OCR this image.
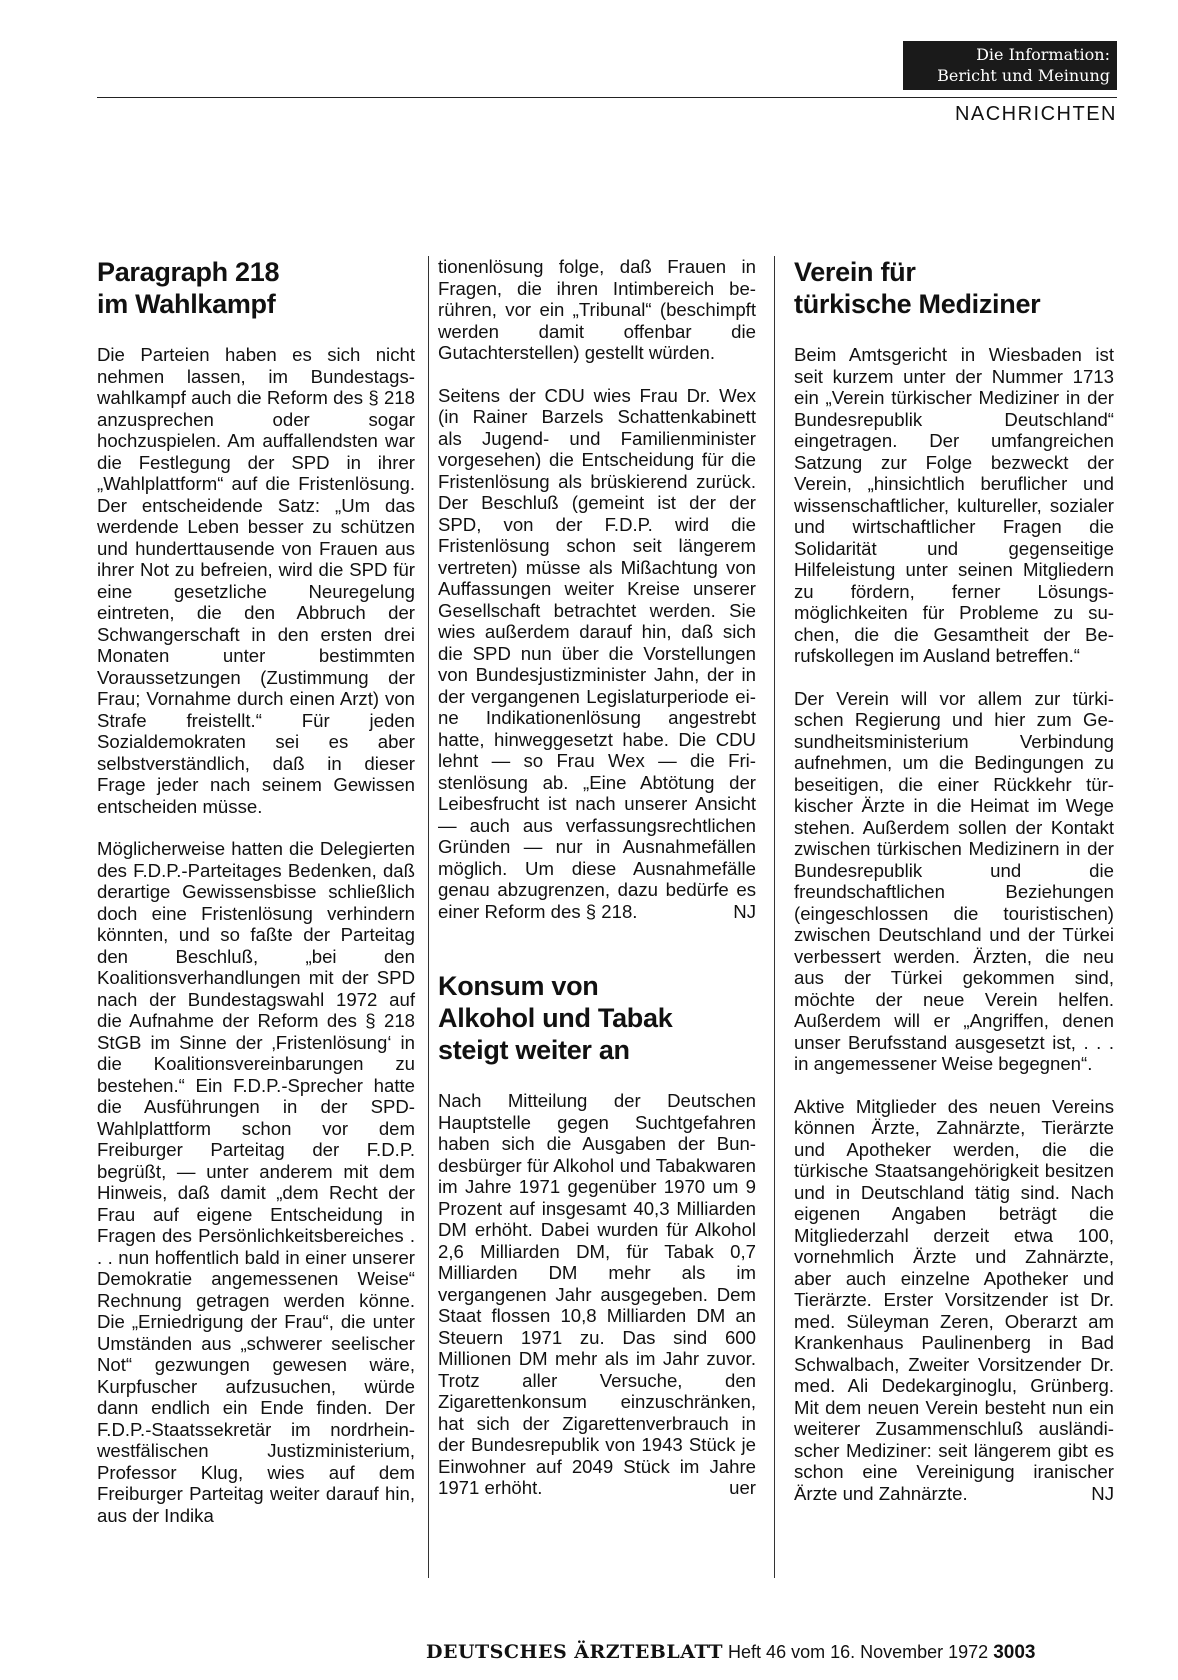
Die Information:
Bericht und Meinung
NACHRICHTEN
Paragraph 218
im Wahlkampf

Die Parteien haben es sich nicht nehmen lassen, im Bundestagswahlkampf auch die Reform des § 218 anzusprechen oder sogar hochzuspielen. Am auffallendsten war die Festlegung der SPD in ihrer „Wahlplattform“ auf die Fristenlösung. Der entscheidende Satz: „Um das werdende Leben besser zu schützen und hunderttausende von Frauen aus ihrer Not zu befreien, wird die SPD für eine gesetzliche Neuregelung eintreten, die den Abbruch der Schwangerschaft in den ersten drei Monaten unter bestimmten Voraussetzungen (Zustimmung der Frau; Vornahme durch einen Arzt) von Strafe freistellt.“ Für jeden Sozialdemokraten sei es aber selbstverständlich, daß in dieser Frage jeder nach seinem Gewissen entscheiden müsse.

Möglicherweise hatten die Delegierten des F.D.P.-Parteitages Bedenken, daß derartige Gewissensbisse schließlich doch eine Fristenlösung verhindern könnten, und so faßte der Parteitag den Beschluß, „bei den Koalitionsverhandlungen mit der SPD nach der Bundestagswahl 1972 auf die Aufnahme der Reform des § 218 StGB im Sinne der ‚Fristenlösung‘ in die Koalitionsvereinbarungen zu bestehen.“ Ein F.D.P.-Sprecher hatte die Ausführungen in der SPD-Wahlplattform schon vor dem Freiburger Parteitag der F.D.P. begrüßt, — unter anderem mit dem Hinweis, daß damit „dem Recht der Frau auf eigene Entscheidung in Fragen des Persönlichkeitsbereiches . . . nun hoffentlich bald in einer unserer Demokratie angemessenen Weise“ Rechnung getragen werden könne. Die „Erniedrigung der Frau“, die unter Umständen aus „schwerer seelischer Not“ gezwungen gewesen wäre, Kurpfuscher aufzusuchen, würde dann endlich ein Ende finden. Der F.D.P.-Staatssekretär im nordrhein-westfälischen Justizministerium, Professor Klug, wies auf dem Freiburger Parteitag weiter darauf hin, aus der Indika

tionenlösung folge, daß Frauen in Fragen, die ihren Intimbereich berühren, vor ein „Tribunal“ (beschimpft werden damit offenbar die Gutachterstellen) gestellt würden.

Seitens der CDU wies Frau Dr. Wex (in Rainer Barzels Schattenkabinett als Jugend- und Familienminister vorgesehen) die Entscheidung für die Fristenlösung als brüskierend zurück. Der Beschluß (gemeint ist der der SPD, von der F.D.P. wird die Fristenlösung schon seit längerem vertreten) müsse als Mißachtung von Auffassungen weiter Kreise unserer Gesellschaft betrachtet werden. Sie wies außerdem darauf hin, daß sich die SPD nun über die Vorstellungen von Bundesjustizminister Jahn, der in der vergangenen Legislaturperiode eine Indikationenlösung angestrebt hatte, hinweggesetzt habe. Die CDU lehnt — so Frau Wex — die Fristenlösung ab. „Eine Abtötung der Leibesfrucht ist nach unserer Ansicht — auch aus verfassungsrechtlichen Gründen — nur in Ausnahmefällen möglich. Um diese Ausnahmefälle genau abzugrenzen, dazu bedürfe es einer Reform des § 218.	NJ

Konsum von
Alkohol und Tabak
steigt weiter an

Nach Mitteilung der Deutschen Hauptstelle gegen Suchtgefahren haben sich die Ausgaben der Bundesbürger für Alkohol und Tabakwaren im Jahre 1971 gegenüber 1970 um 9 Prozent auf insgesamt 40,3 Milliarden DM erhöht. Dabei wurden für Alkohol 2,6 Milliarden DM, für Tabak 0,7 Milliarden DM mehr als im vergangenen Jahr ausgegeben. Dem Staat flossen 10,8 Milliarden DM an Steuern 1971 zu. Das sind 600 Millionen DM mehr als im Jahr zuvor. Trotz aller Versuche, den Zigarettenkonsum einzuschränken, hat sich der Zigarettenverbrauch in der Bundesrepublik von 1943 Stück je Einwohner auf 2049 Stück im Jahre 1971 erhöht.	uer

Verein für
türkische Mediziner

Beim Amtsgericht in Wiesbaden ist seit kurzem unter der Nummer 1713 ein „Verein türkischer Mediziner in der Bundesrepublik Deutschland“ eingetragen. Der umfangreichen Satzung zur Folge bezweckt der Verein, „hinsichtlich beruflicher und wissenschaftlicher, kultureller, sozialer und wirtschaftlicher Fragen die Solidarität und gegenseitige Hilfeleistung unter seinen Mitgliedern zu fördern, ferner Lösungsmöglichkeiten für Probleme zu suchen, die die Gesamtheit der Berufskollegen im Ausland betreffen.“

Der Verein will vor allem zur türkischen Regierung und hier zum Gesundheitsministerium Verbindung aufnehmen, um die Bedingungen zu beseitigen, die einer Rückkehr türkischer Ärzte in die Heimat im Wege stehen. Außerdem sollen der Kontakt zwischen türkischen Medizinern in der Bundesrepublik und die freundschaftlichen Beziehungen (eingeschlossen die touristischen) zwischen Deutschland und der Türkei verbessert werden. Ärzten, die neu aus der Türkei gekommen sind, möchte der neue Verein helfen. Außerdem will er „Angriffen, denen unser Berufsstand ausgesetzt ist, . . . in angemessener Weise begegnen“.

Aktive Mitglieder des neuen Vereins können Ärzte, Zahnärzte, Tierärzte und Apotheker werden, die die türkische Staatsangehörigkeit besitzen und in Deutschland tätig sind. Nach eigenen Angaben beträgt die Mitgliederzahl derzeit etwa 100, vornehmlich Ärzte und Zahnärzte, aber auch einzelne Apotheker und Tierärzte. Erster Vorsitzender ist Dr. med. Süleyman Zeren, Oberarzt am Krankenhaus Paulinenberg in Bad Schwalbach, Zweiter Vorsitzender Dr. med. Ali Dedekarginoglu, Grünberg. Mit dem neuen Verein besteht nun ein weiterer Zusammenschluß ausländischer Mediziner: seit längerem gibt es schon eine Vereinigung iranischer Ärzte und Zahnärzte.	NJ

DEUTSCHES ÄRZTEBLATT Heft 46 vom 16. November 1972 3003
